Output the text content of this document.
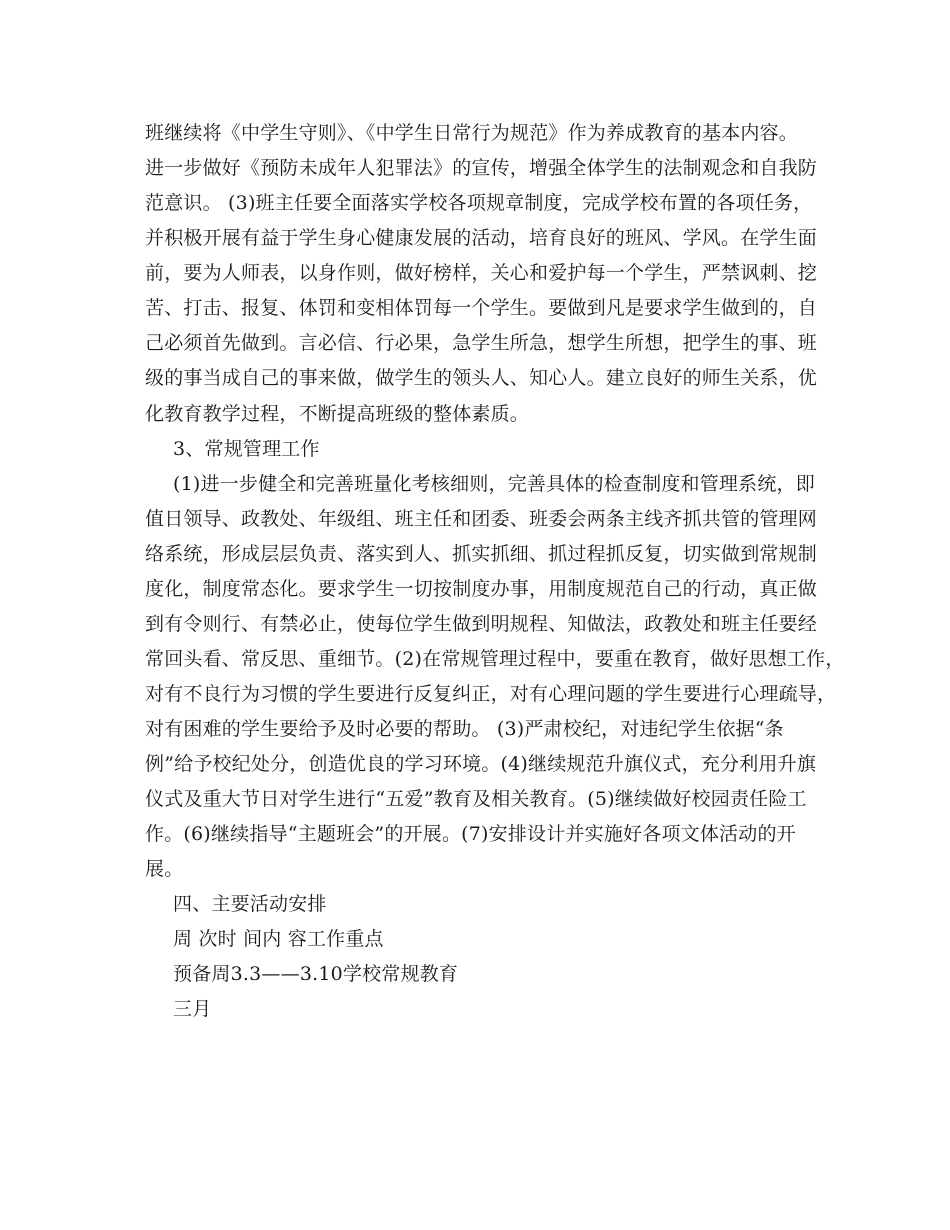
班继续将《中学生守则》、《中学生日常行为规范》作为养成教育的基本内容。
进一步做好《预防未成年人犯罪法》的宣传，增强全体学生的法制观念和自我防
范意识。 (3)班主任要全面落实学校各项规章制度，完成学校布置的各项任务，
并积极开展有益于学生身心健康发展的活动，培育良好的班风、学风。在学生面
前，要为人师表，以身作则，做好榜样，关心和爱护每一个学生，严禁讽刺、挖
苦、打击、报复、体罚和变相体罚每一个学生。要做到凡是要求学生做到的，自
己必须首先做到。言必信、行必果，急学生所急，想学生所想，把学生的事、班
级的事当成自己的事来做，做学生的领头人、知心人。建立良好的师生关系，优
化教育教学过程，不断提高班级的整体素质。
3、常规管理工作
(1)进一步健全和完善班量化考核细则，完善具体的检查制度和管理系统，即
值日领导、政教处、年级组、班主任和团委、班委会两条主线齐抓共管的管理网
络系统，形成层层负责、落实到人、抓实抓细、抓过程抓反复，切实做到常规制
度化，制度常态化。要求学生一切按制度办事，用制度规范自己的行动，真正做
到有令则行、有禁必止，使每位学生做到明规程、知做法，政教处和班主任要经
常回头看、常反思、重细节。(2)在常规管理过程中，要重在教育，做好思想工作，
对有不良行为习惯的学生要进行反复纠正，对有心理问题的学生要进行心理疏导，
对有困难的学生要给予及时必要的帮助。 (3)严肃校纪，对违纪学生依据“条
例”给予校纪处分，创造优良的学习环境。(4)继续规范升旗仪式，充分利用升旗
仪式及重大节日对学生进行“五爱”教育及相关教育。(5)继续做好校园责任险工
作。(6)继续指导“主题班会”的开展。(7)安排设计并实施好各项文体活动的开
展。
四、主要活动安排
周 次时 间内 容工作重点
预备周3.3——3.10学校常规教育
三月
